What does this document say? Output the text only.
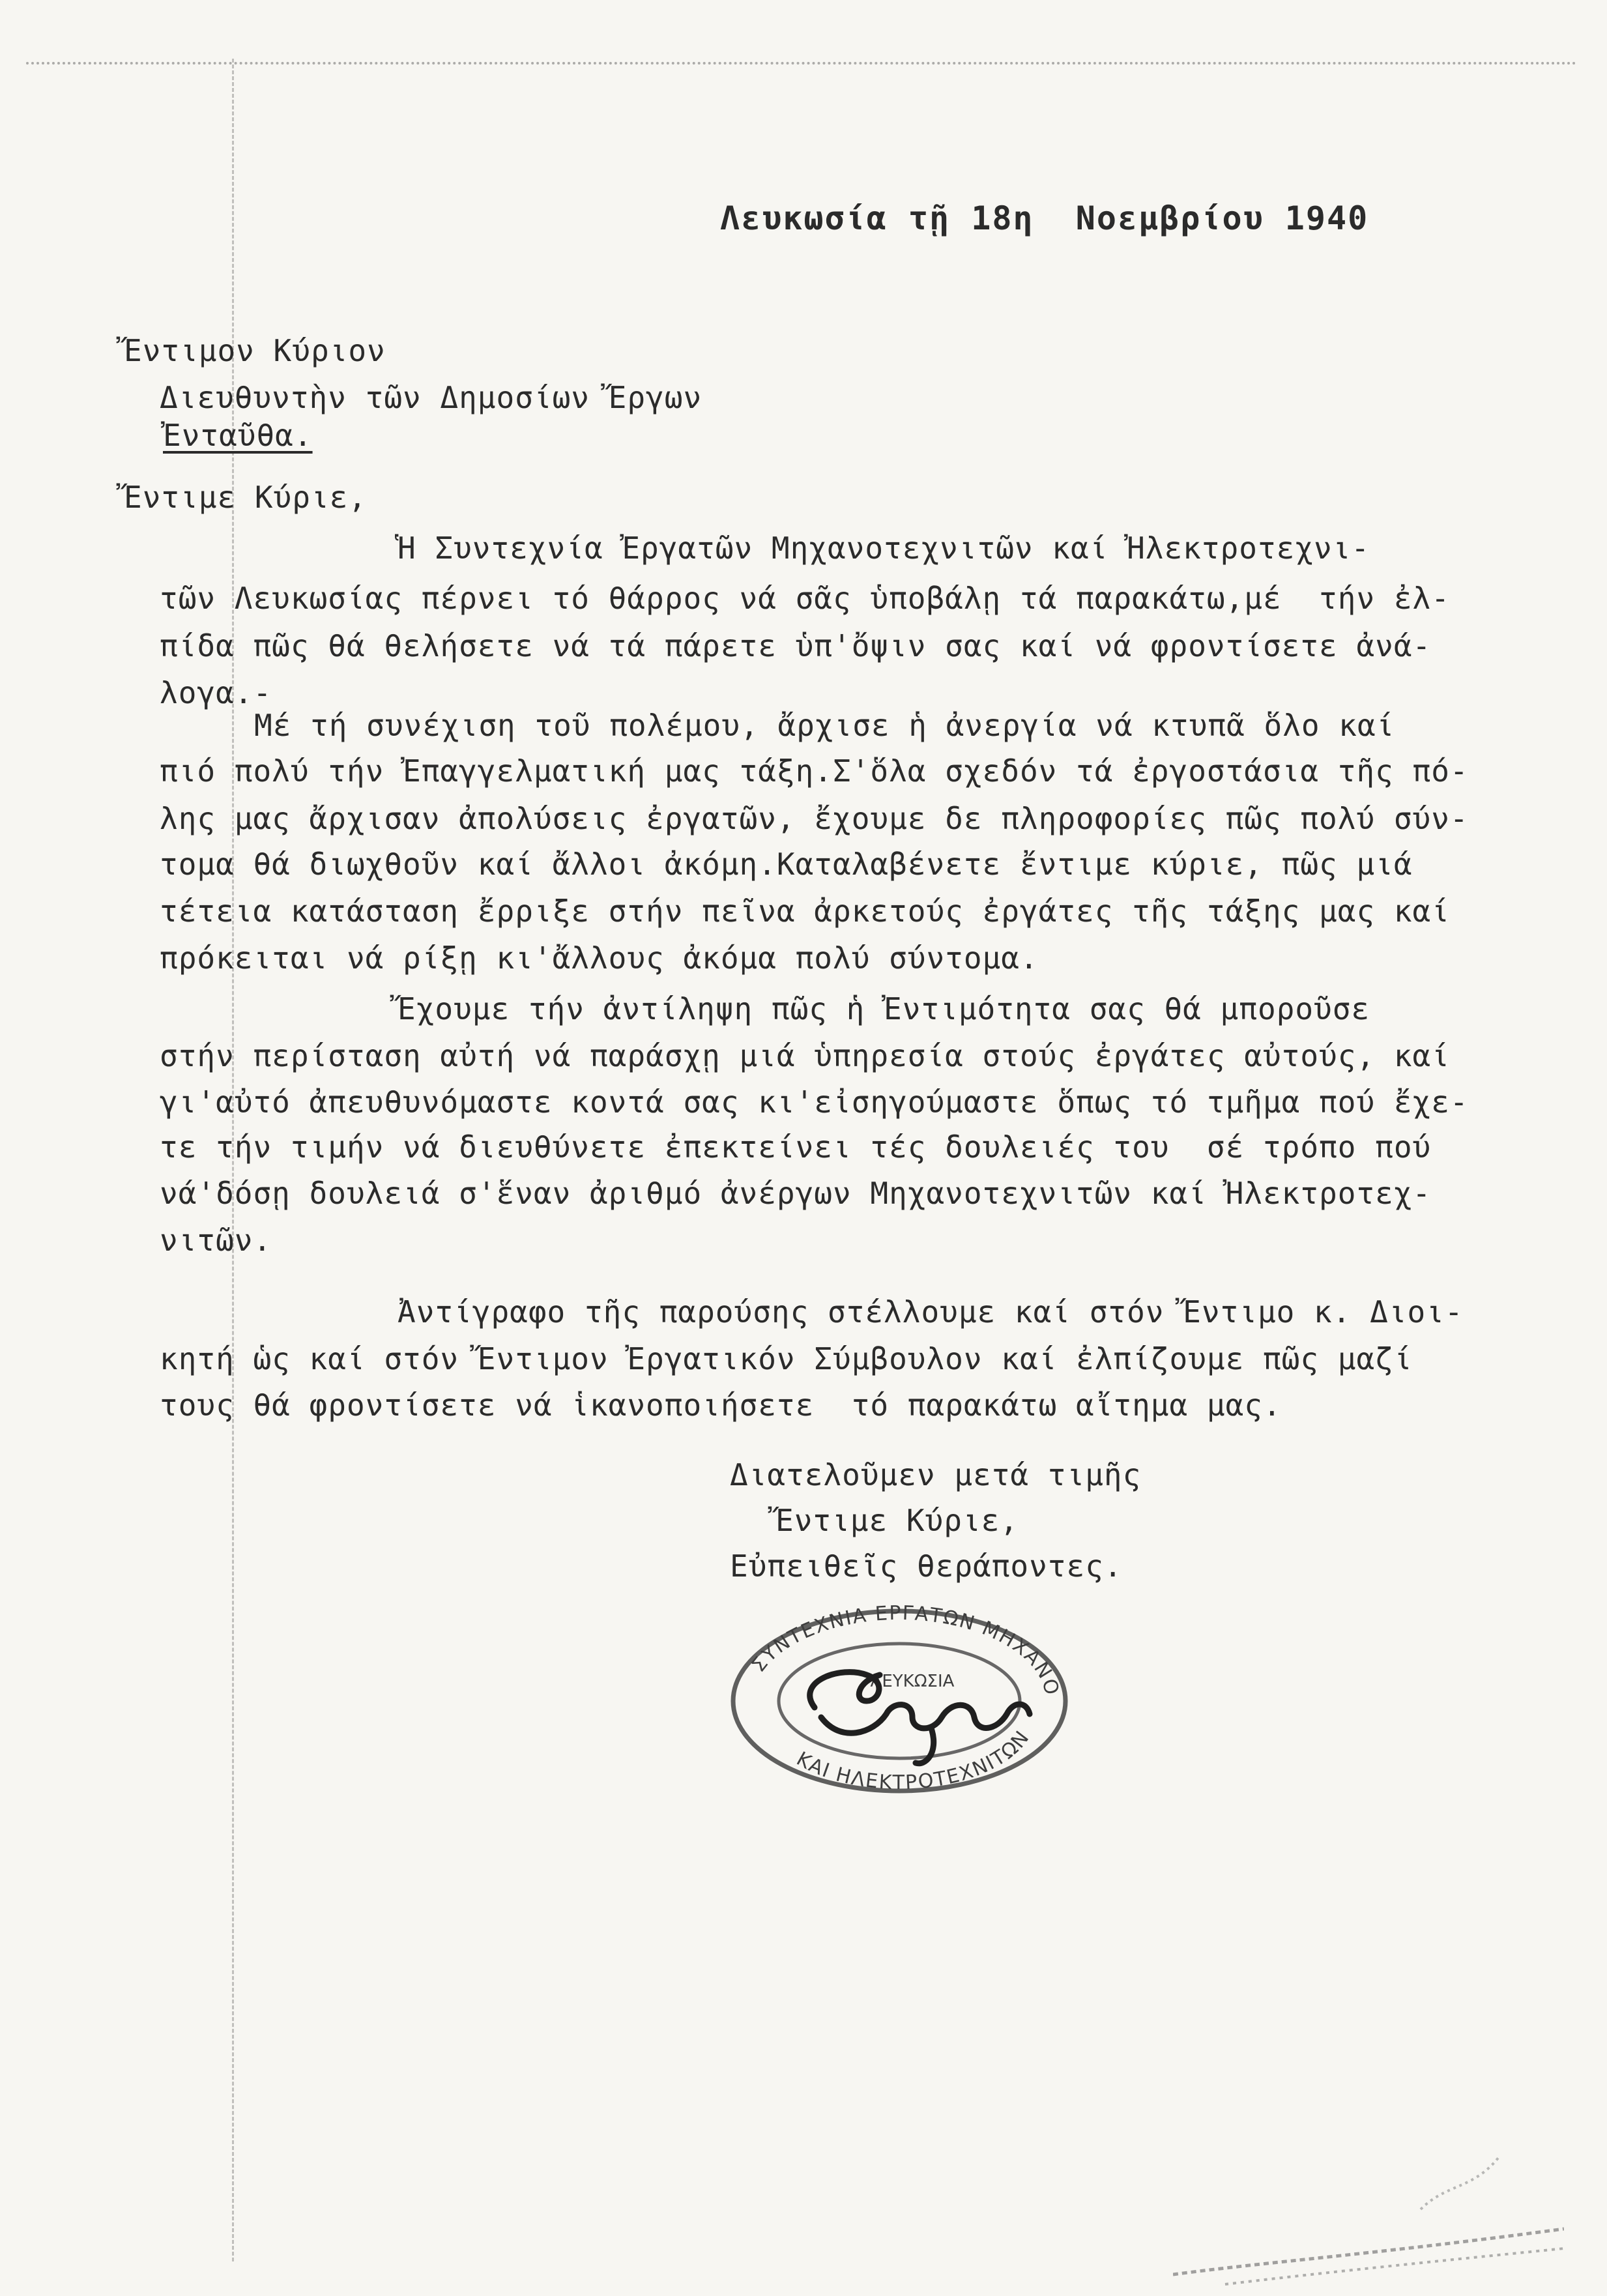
Λευκωσία τῇ 18η  Νοεμβρίου 1940
Ἔντιμον Κύριον
Διευθυντὴν τῶν Δημοσίων Ἔργων
Ἐνταῦθα.
Ἔντιμε Κύριε,
Ἡ Συντεχνία Ἐργατῶν Μηχανοτεχνιτῶν καί Ἠλεκτροτεχνι-
τῶν Λευκωσίας πέρνει τό θάρρος νά σᾶς ὑποβάλῃ τά παρακάτω,μέ  τήν ἐλ-
πίδα πῶς θά θελήσετε νά τά πάρετε ὑπ'ὄψιν σας καί νά φροντίσετε ἀνά-
λογα.-
Μέ τή συνέχιση τοῦ πολέμου, ἄρχισε ἡ ἀνεργία νά κτυπᾶ ὅλο καί
πιό πολύ τήν Ἐπαγγελματική μας τάξη.Σ'ὅλα σχεδόν τά ἐργοστάσια τῆς πό-
λης μας ἄρχισαν ἀπολύσεις ἐργατῶν, ἔχουμε δε πληροφορίες πῶς πολύ σύν-
τομα θά διωχθοῦν καί ἄλλοι ἀκόμη.Καταλαβένετε ἔντιμε κύριε, πῶς μιά
τέτεια κατάσταση ἔρριξε στήν πεῖνα ἀρκετούς ἐργάτες τῆς τάξης μας καί
πρόκειται νά ρίξῃ κι'ἄλλους ἀκόμα πολύ σύντομα.
Ἔχουμε τήν ἀντίληψη πῶς ἡ Ἐντιμότητα σας θά μποροῦσε
στήν περίσταση αὐτή νά παράσχῃ μιά ὑπηρεσία στούς ἐργάτες αὐτούς, καί
γι'αὐτό ἀπευθυνόμαστε κοντά σας κι'εἰσηγούμαστε ὅπως τό τμῆμα πού ἔχε-
τε τήν τιμήν νά διευθύνετε ἐπεκτείνει τές δουλειές του  σέ τρόπο πού
νά'δόσῃ δουλειά σ'ἕναν ἀριθμό ἀνέργων Μηχανοτεχνιτῶν καί Ἠλεκτροτεχ-
νιτῶν.
Ἀντίγραφο τῆς παρούσης στέλλουμε καί στόν Ἔντιμο κ. Διοι-
κητή ὡς καί στόν Ἔντιμον Ἐργατικόν Σύμβουλον καί ἐλπίζουμε πῶς μαζί
τους θά φροντίσετε νά ἱκανοποιήσετε  τό παρακάτω αἴτημα μας.
Διατελοῦμεν μετά τιμῆς
Ἔντιμε Κύριε,
Εὐπειθεῖς θεράποντες.
ΣΥΝΤΕΧΝΙΑ ΕΡΓΑΤΩΝ ΜΗΧΑΝΟ
ΚΑΙ ΗΛΕΚΤΡΟΤΕΧΝΙΤΩΝ
ΛΕΥΚΩΣΙΑ
